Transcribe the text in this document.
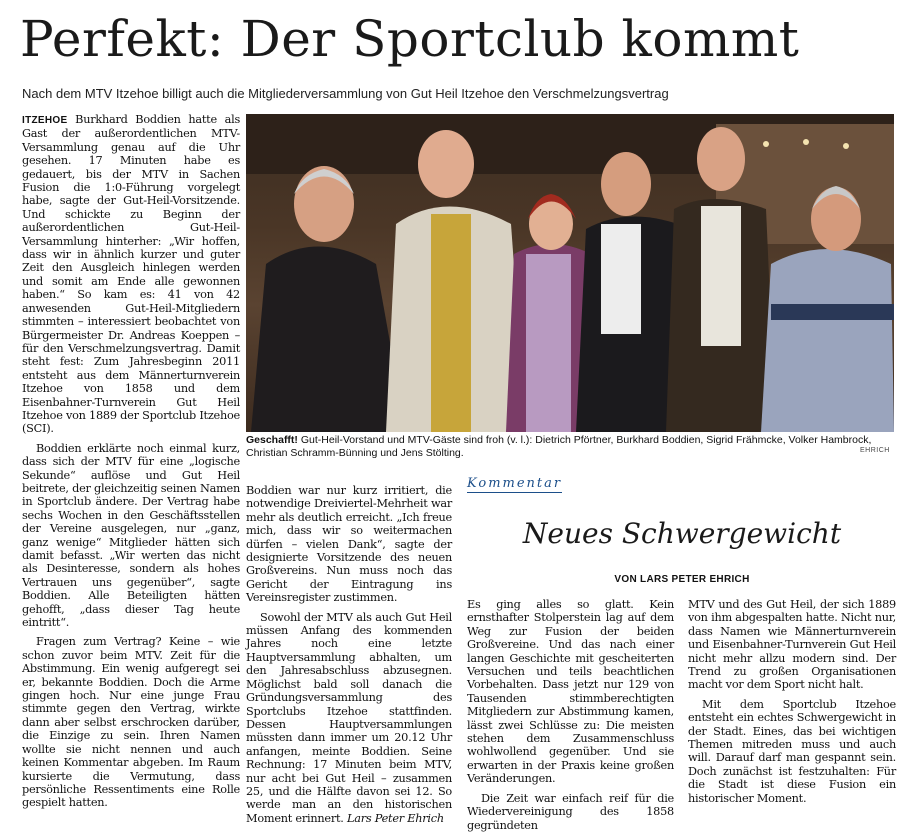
Perfekt: Der Sportclub kommt
Nach dem MTV Itzehoe billigt auch die Mitgliederversammlung von Gut Heil Itzehoe den Verschmelzungsvertrag

ITZEHOE Burkhard Boddien hatte als Gast der außerordentlichen MTV-Versammlung genau auf die Uhr gesehen. 17 Minuten habe es gedauert, bis der MTV in Sachen Fusion die 1:0-Führung vorgelegt habe, sagte der Gut-Heil-Vorsitzende. Und schickte zu Beginn der außerordentlichen Gut-Heil-Versammlung hinterher: „Wir hoffen, dass wir in ähnlich kurzer und guter Zeit den Ausgleich hinlegen werden und somit am Ende alle gewonnen haben.“ So kam es: 41 von 42 anwesenden Gut-Heil-Mitgliedern stimmten – interessiert beobachtet von Bürgermeister Dr. Andreas Koeppen – für den Verschmelzungsvertrag. Damit steht fest: Zum Jahresbeginn 2011 entsteht aus dem Männerturnverein Itzehoe von 1858 und dem Eisenbahner-Turnverein Gut Heil Itzehoe von 1889 der Sportclub Itzehoe (SCI).

Boddien erklärte noch einmal kurz, dass sich der MTV für eine „logische Sekunde“ auflöse und Gut Heil beitrete, der gleichzeitig seinen Namen in Sportclub ändere. Der Vertrag habe sechs Wochen in den Geschäftsstellen der Vereine ausgelegen, nur „ganz, ganz wenige“ Mitglieder hätten sich damit befasst. „Wir werten das nicht als Desinteresse, sondern als hohes Vertrauen uns gegenüber“, sagte Boddien. Alle Beteiligten hätten gehofft, „dass dieser Tag heute eintritt“.

Fragen zum Vertrag? Keine – wie schon zuvor beim MTV. Zeit für die Abstimmung. Ein wenig aufgeregt sei er, bekannte Boddien. Doch die Arme gingen hoch. Nur eine junge Frau stimmte gegen den Vertrag, wirkte dann aber selbst erschrocken darüber, die Einzige zu sein. Ihren Namen wollte sie nicht nennen und auch keinen Kommentar abgeben. Im Raum kursierte die Vermutung, dass persönliche Ressentiments eine Rolle gespielt hatten.

Geschafft! Gut-Heil-Vorstand und MTV-Gäste sind froh (v. l.): Dietrich Pförtner, Burkhard Boddien, Sigrid Frähmcke, Volker Hambrock, Christian Schramm-Bünning und Jens Stölting.	EHRICH

Boddien war nur kurz irritiert, die notwendige Dreiviertel-Mehrheit war mehr als deutlich erreicht. „Ich freue mich, dass wir so weitermachen dürfen – vielen Dank“, sagte der designierte Vorsitzende des neuen Großvereins. Nun muss noch das Gericht der Eintragung ins Vereinsregister zustimmen.

Sowohl der MTV als auch Gut Heil müssen Anfang des kommenden Jahres noch eine letzte Hauptversammlung abhalten, um den Jahresabschluss abzusegnen. Möglichst bald soll danach die Gründungsversammlung des Sportclubs Itzehoe stattfinden. Dessen Hauptversammlungen müssten dann immer um 20.12 Uhr anfangen, meinte Boddien. Seine Rechnung: 17 Minuten beim MTV, nur acht bei Gut Heil – zusammen 25, und die Hälfte davon sei 12. So werde man an den historischen Moment erinnert. Lars Peter Ehrich

Kommentar
Neues Schwergewicht
VON LARS PETER EHRICH

Es ging alles so glatt. Kein ernsthafter Stolperstein lag auf dem Weg zur Fusion der beiden Großvereine. Und das nach einer langen Geschichte mit gescheiterten Versuchen und teils beachtlichen Vorbehalten. Dass jetzt nur 129 von Tausenden stimmberechtigten Mitgliedern zur Abstimmung kamen, lässt zwei Schlüsse zu: Die meisten stehen dem Zusammenschluss wohlwollend gegenüber. Und sie erwarten in der Praxis keine großen Veränderungen.

Die Zeit war einfach reif für die Wiedervereinigung des 1858 gegründeten

MTV und des Gut Heil, der sich 1889 von ihm abgespalten hatte. Nicht nur, dass Namen wie Männerturnverein und Eisenbahner-Turnverein Gut Heil nicht mehr allzu modern sind. Der Trend zu großen Organisationen macht vor dem Sport nicht halt.

Mit dem Sportclub Itzehoe entsteht ein echtes Schwergewicht in der Stadt. Eines, das bei wichtigen Themen mitreden muss und auch will. Darauf darf man gespannt sein. Doch zunächst ist festzuhalten: Für die Stadt ist diese Fusion ein historischer Moment.
